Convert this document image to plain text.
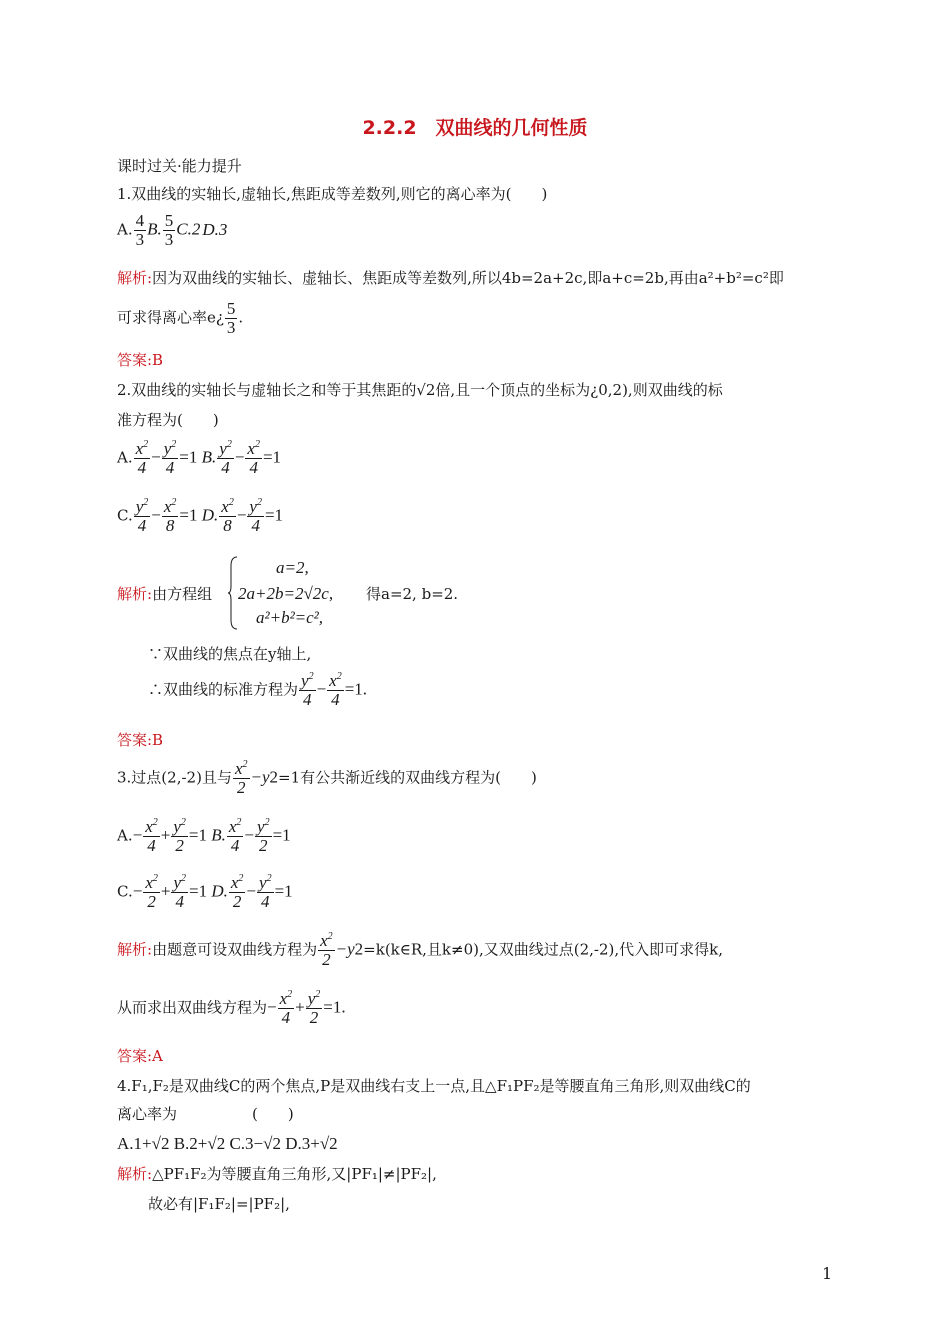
2.2.2　双曲线的几何性质
课时过关·能力提升
1.双曲线的实轴长,虚轴长,焦距成等差数列,则它的离心率为(　　)
A. $\frac{4}{3} B$. $\frac{5}{3} C.2$ D.3
解析:因为双曲线的实轴长、虚轴长、焦距成等差数列,所以4b=2a+2c,即a+c=2b,再由a²+b²=c²即
可求得离心率e¿ $\frac{5}{3}$ .
答案:B
2.双曲线的实轴长与虚轴长之和等于其焦距的√2倍,且一个顶点的坐标为¿0,2),则双曲线的标
准方程为(　　)
A. $\frac{x^2}{4} - \frac{y^2}{4} =1$ B. $\frac{y^2}{4} - \frac{x^2}{4} =1$
C. $\frac{y^2}{4} - \frac{x^2}{8} =1$ D. $\frac{x^2}{8} - \frac{y^2}{4} =1$
解析:由方程组
a=2,
2a+2b=2√2c,
a²+b²=c²,
得a=2, b=2.
∵双曲线的焦点在y轴上,
∴双曲线的标准方程为 $\frac{y^2}{4} - \frac{x^2}{4} =1$.
答案:B
3.过点(2,-2)且与 $\frac{x^2}{2} -y2=1$有公共渐近线的双曲线方程为(　　)
$A.- \frac{x^2}{4} + \frac{y^2}{2} =1$ B. $\frac{x^2}{4} - \frac{y^2}{2} =1$
$C.- \frac{x^2}{2} + \frac{y^2}{4} =1$ D. $\frac{x^2}{2} - \frac{y^2}{4} =1$
解析:由题意可设双曲线方程为 $\frac{x^2}{2}$ −y2=k(k∈R,且k≠0),又双曲线过点(2,-2),代入即可求得k,
从而求出双曲线方程为− $\frac{x^2}{4} + \frac{y^2}{2} =1$.
答案:A
4.F₁,F₂是双曲线C的两个焦点,P是双曲线右支上一点,且△F₁PF₂是等腰直角三角形,则双曲线C的
离心率为　　　　　(　　)
A.1+√2 B.2+√2 C.3−√2 D.3+√2
解析:△PF₁F₂为等腰直角三角形,又|PF₁|≠|PF₂|,
故必有|F₁F₂|=|PF₂|,
1
